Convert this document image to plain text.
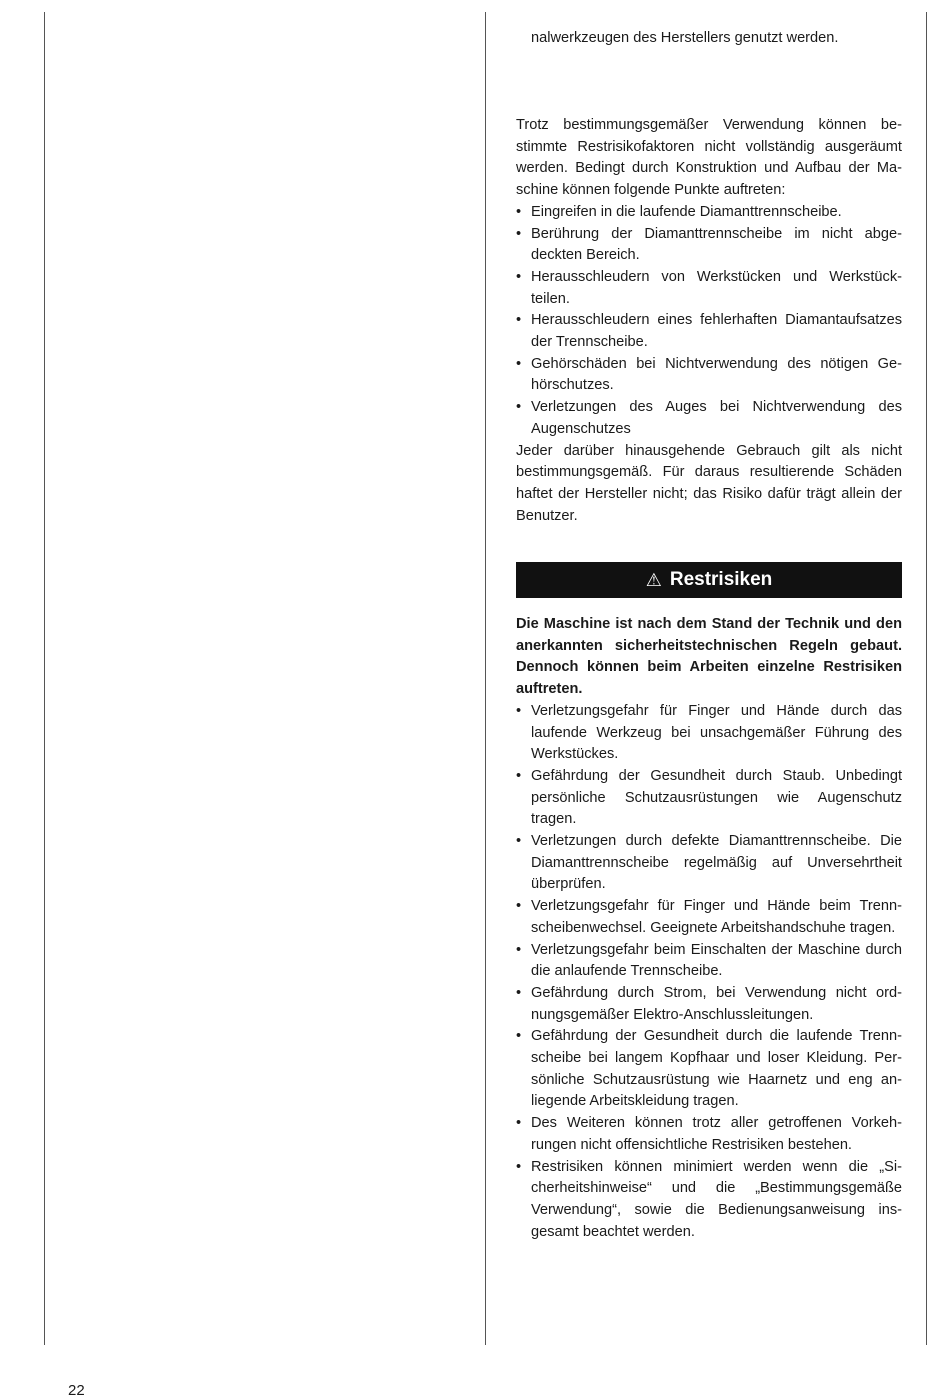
nalwerkzeugen des Herstellers genutzt werden.

Trotz bestimmungsgemäßer Verwendung können bestimmte Restrisikofaktoren nicht vollständig ausgeräumt werden. Bedingt durch Konstruktion und Aufbau der Maschine können folgende Punkte auftreten:

• Eingreifen in die laufende Diamanttrennscheibe.
• Berührung der Diamanttrennscheibe im nicht abgedeckten Bereich.
• Herausschleudern von Werkstücken und Werkstückteilen.
• Herausschleudern eines fehlerhaften Diamantaufsatzes der Trennscheibe.
• Gehörschäden bei Nichtverwendung des nötigen Gehörschutzes.
• Verletzungen des Auges bei Nichtverwendung des Augenschutzes

Jeder darüber hinausgehende Gebrauch gilt als nicht bestimmungsgemäß. Für daraus resultierende Schäden haftet der Hersteller nicht; das Risiko dafür trägt allein der Benutzer.

⚠ Restrisiken

Die Maschine ist nach dem Stand der Technik und den anerkannten sicherheitstechnischen Regeln gebaut. Dennoch können beim Arbeiten einzelne Restrisiken auftreten.

• Verletzungsgefahr für Finger und Hände durch das laufende Werkzeug bei unsachgemäßer Führung des Werkstückes.
• Gefährdung der Gesundheit durch Staub. Unbedingt persönliche Schutzausrüstungen wie Augenschutz tragen.
• Verletzungen durch defekte Diamanttrennscheibe. Die Diamanttrennscheibe regelmäßig auf Unversehrtheit überprüfen.
• Verletzungsgefahr für Finger und Hände beim Trennscheibenwechsel. Geeignete Arbeitshandschuhe tragen.
• Verletzungsgefahr beim Einschalten der Maschine durch die anlaufende Trennscheibe.
• Gefährdung durch Strom, bei Verwendung nicht ordnungsgemäßer Elektro-Anschlussleitungen.
• Gefährdung der Gesundheit durch die laufende Trennscheibe bei langem Kopfhaar und loser Kleidung. Persönliche Schutzausrüstung wie Haarnetz und eng anliegende Arbeitskleidung tragen.
• Des Weiteren können trotz aller getroffenen Vorkehrungen nicht offensichtliche Restrisiken bestehen.
• Restrisiken können minimiert werden wenn die „Sicherheitshinweise“ und die „Bestimmungsgemäße Verwendung“, sowie die Bedienungsanweisung insgesamt beachtet werden.
22
